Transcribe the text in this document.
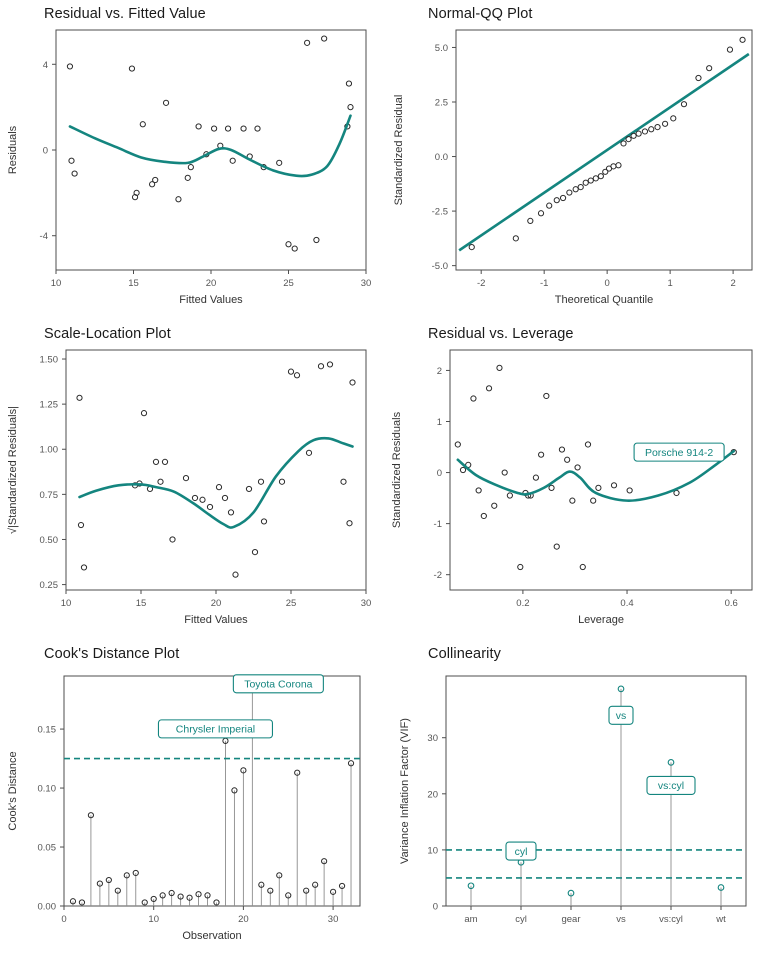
Residual vs. Fitted Value
10	15	20	25	30
-4
0
4
Fitted Values
Residuals
Normal-QQ Plot
-2	-1	0	1	2
-5.0
-2.5
0.0
2.5
5.0
Theoretical Quantile
Standardized Residual
Scale-Location Plot
10	15	20	25	30
0.25
0.50
0.75
1.00
1.25
1.50
Fitted Values
√|Standardized Residuals|
Residual vs. Leverage
0.2	0.4	0.6
-2
-1
0
1
2
Porsche 914-2
Leverage
Standardized Residuals
Cook's Distance Plot
0	10	20	30
0.00
0.05
0.10
0.15
Toyota Corona
Chrysler Imperial
Observation
Cook's Distance
Collinearity
am	cyl	gear	vs	vs:cyl	wt
0
10
20
30
cyl
vs
vs:cyl
Variance Inflation Factor (VIF)
